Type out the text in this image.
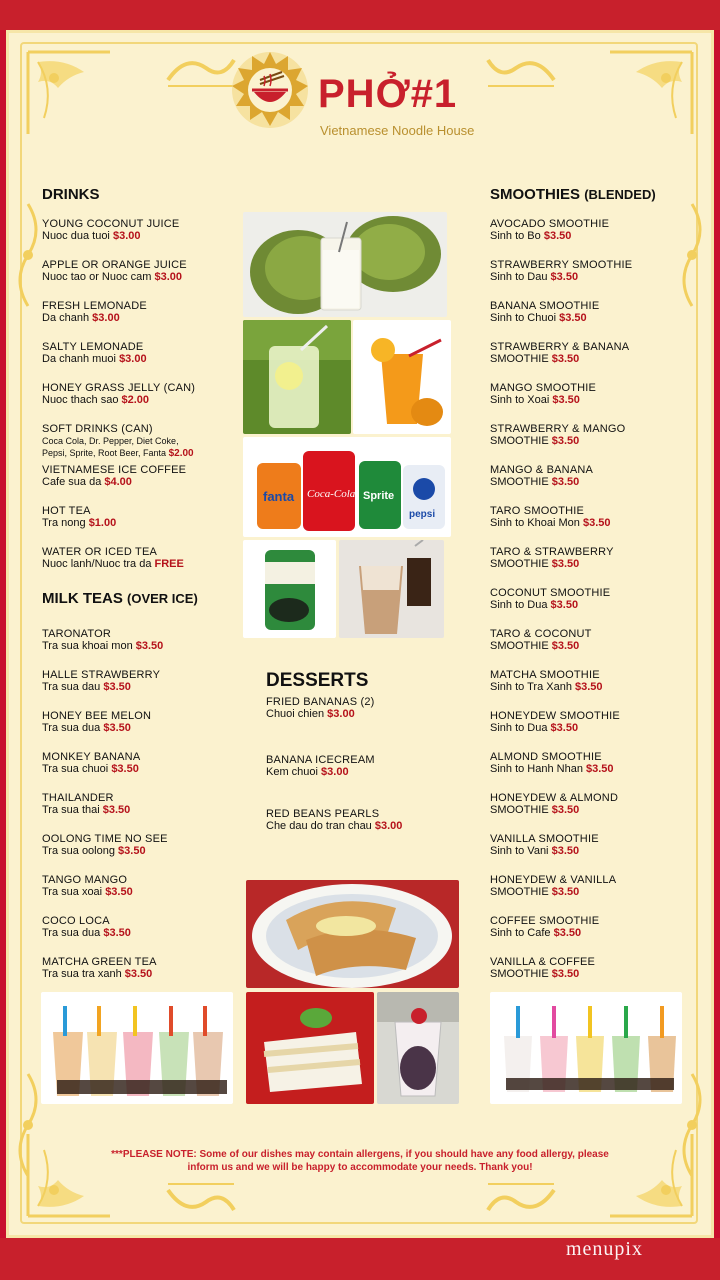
PHỞ#1
Vietnamese Noodle House
DRINKS
YOUNG COCONUT JUICE
Nuoc dua tuoi $3.00
APPLE OR ORANGE JUICE
Nuoc tao or Nuoc cam $3.00
FRESH LEMONADE
Da chanh $3.00
SALTY LEMONADE
Da chanh muoi $3.00
HONEY GRASS JELLY (CAN)
Nuoc thach sao $2.00
SOFT DRINKS (CAN)
Coca Cola, Dr. Pepper, Diet Coke,
Pepsi, Sprite, Root Beer, Fanta $2.00
VIETNAMESE ICE COFFEE
Cafe sua da $4.00
HOT TEA
Tra nong $1.00
WATER OR ICED TEA
Nuoc lanh/Nuoc tra da FREE
MILK TEAS (OVER ICE)
TARONATOR
Tra sua khoai mon $3.50
HALLE STRAWBERRY
Tra sua dau $3.50
HONEY BEE MELON
Tra sua dua $3.50
MONKEY BANANA
Tra sua chuoi $3.50
THAILANDER
Tra sua thai $3.50
OOLONG TIME NO SEE
Tra sua oolong $3.50
TANGO MANGO
Tra sua xoai $3.50
COCO LOCA
Tra sua dua $3.50
MATCHA GREEN TEA
Tra sua tra xanh $3.50
DESSERTS
FRIED BANANAS (2)
Chuoi chien $3.00
BANANA ICECREAM
Kem chuoi $3.00
RED BEANS PEARLS
Che dau do tran chau $3.00
SMOOTHIES (BLENDED)
AVOCADO SMOOTHIE
Sinh to Bo $3.50
STRAWBERRY SMOOTHIE
Sinh to Dau $3.50
BANANA SMOOTHIE
Sinh to Chuoi $3.50
STRAWBERRY & BANANA
SMOOTHIE $3.50
MANGO SMOOTHIE
Sinh to Xoai $3.50
STRAWBERRY & MANGO
SMOOTHIE $3.50
MANGO & BANANA
SMOOTHIE $3.50
TARO SMOOTHIE
Sinh to Khoai Mon $3.50
TARO & STRAWBERRY
SMOOTHIE $3.50
COCONUT SMOOTHIE
Sinh to Dua $3.50
TARO & COCONUT
SMOOTHIE $3.50
MATCHA SMOOTHIE
Sinh to Tra Xanh $3.50
HONEYDEW SMOOTHIE
Sinh to Dua $3.50
ALMOND SMOOTHIE
Sinh to Hanh Nhan $3.50
HONEYDEW & ALMOND
SMOOTHIE $3.50
VANILLA SMOOTHIE
Sinh to Vani $3.50
HONEYDEW & VANILLA
SMOOTHIE $3.50
COFFEE SMOOTHIE
Sinh to Cafe $3.50
VANILLA & COFFEE
SMOOTHIE $3.50
fanta Coca-Cola Sprite
pepsi
***PLEASE NOTE: Some of our dishes may contain allergens, if you should have any food allergy, please
inform us and we will be happy to accommodate your needs. Thank you!
menupix
